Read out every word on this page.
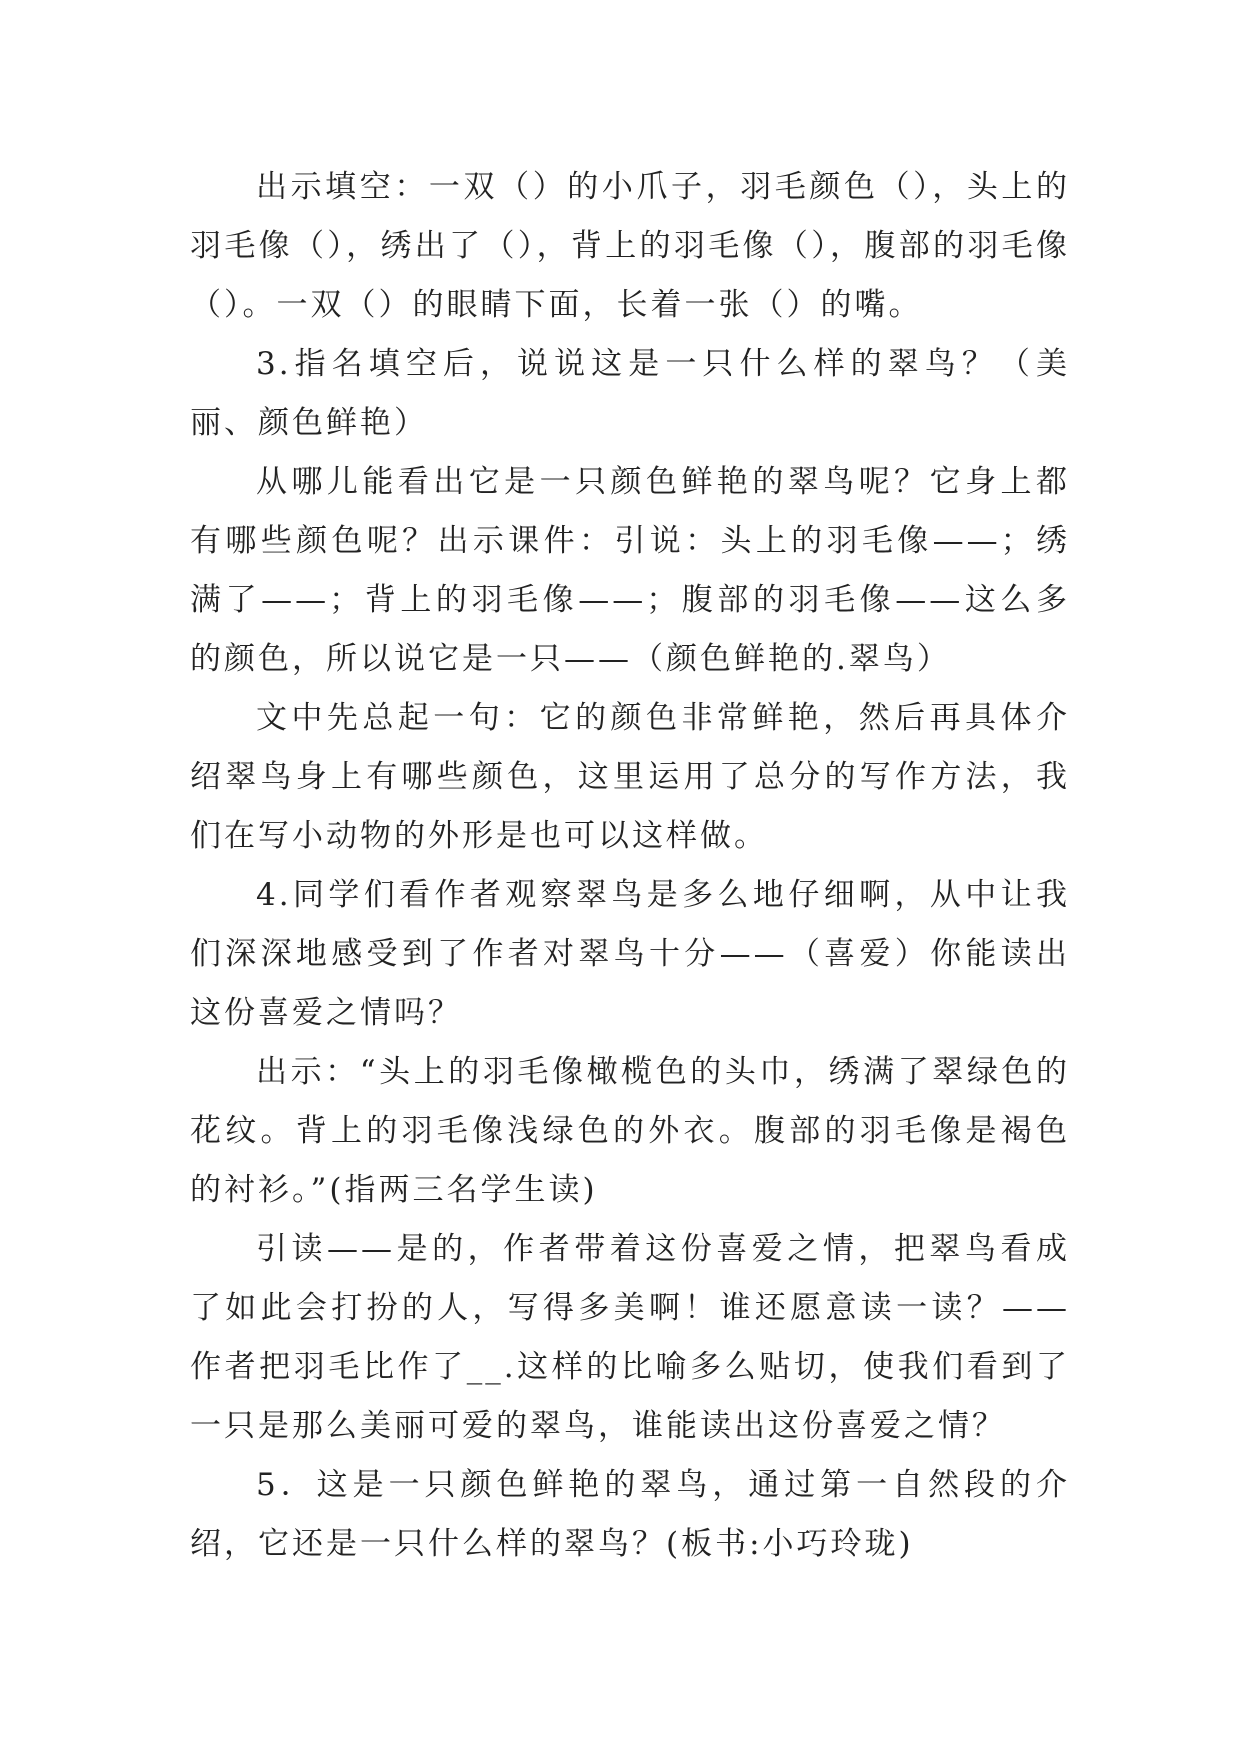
出示填空：一双（）的小爪子，羽毛颜色（），头上的羽毛像（），绣出了（），背上的羽毛像（），腹部的羽毛像（）。一双（）的眼睛下面，长着一张（）的嘴。

3.指名填空后，说说这是一只什么样的翠鸟？（美丽、颜色鲜艳）

从哪儿能看出它是一只颜色鲜艳的翠鸟呢？它身上都有哪些颜色呢？出示课件：引说：头上的羽毛像——；绣满了——；背上的羽毛像——；腹部的羽毛像——这么多的颜色，所以说它是一只——（颜色鲜艳的.翠鸟）

文中先总起一句：它的颜色非常鲜艳，然后再具体介绍翠鸟身上有哪些颜色，这里运用了总分的写作方法，我们在写小动物的外形是也可以这样做。

4.同学们看作者观察翠鸟是多么地仔细啊，从中让我们深深地感受到了作者对翠鸟十分——（喜爱）你能读出这份喜爱之情吗？

出示：“头上的羽毛像橄榄色的头巾，绣满了翠绿色的花纹。背上的羽毛像浅绿色的外衣。腹部的羽毛像是褐色的衬衫。”(指两三名学生读)

引读——是的，作者带着这份喜爱之情，把翠鸟看成了如此会打扮的人，写得多美啊！谁还愿意读一读？——作者把羽毛比作了__.这样的比喻多么贴切，使我们看到了一只是那么美丽可爱的翠鸟，谁能读出这份喜爱之情？

5．这是一只颜色鲜艳的翠鸟，通过第一自然段的介绍，它还是一只什么样的翠鸟？(板书:小巧玲珑)
